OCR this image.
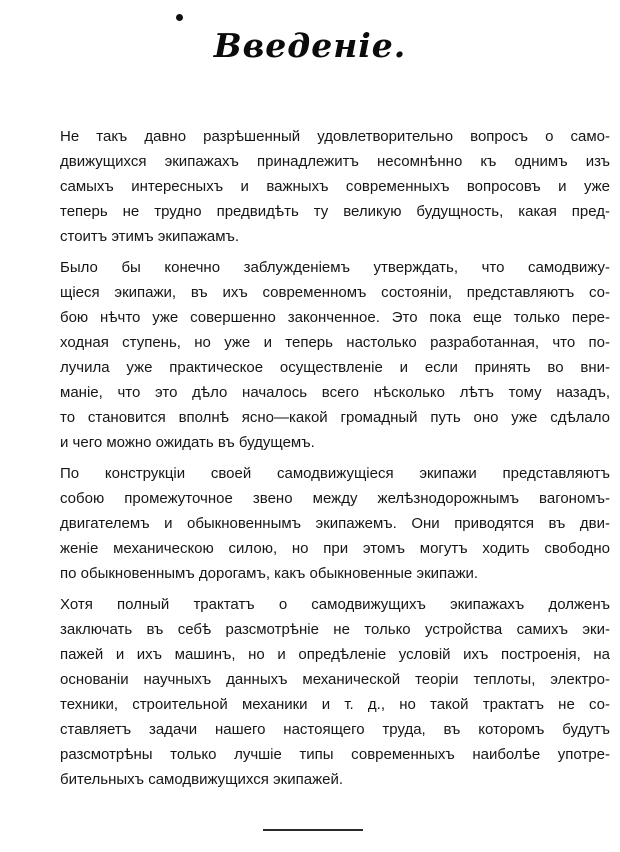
Введеніе.

Не такъ давно разрѣшенный удовлетворительно вопросъ о само-
движущихся экипажахъ принадлежитъ несомнѣнно къ однимъ изъ
самыхъ интересныхъ и важныхъ современныхъ вопросовъ и уже
теперь не трудно предвидѣть ту великую будущность, какая пред-
стоитъ этимъ экипажамъ.

Было бы конечно заблужденіемъ утверждать, что самодвижу-
щіеся экипажи, въ ихъ современномъ состояніи, представляютъ со-
бою нѣчто уже совершенно законченное. Это пока еще только пере-
ходная ступень, но уже и теперь настолько разработанная, что по-
лучила уже практическое осуществленіе и если принять во вни-
маніе, что это дѣло началось всего нѣсколько лѣтъ тому назадъ,
то становится вполнѣ ясно—какой громадный путь оно уже сдѣлало
и чего можно ожидать въ будущемъ.

По конструкціи своей самодвижущіеся экипажи представляютъ
собою промежуточное звено между желѣзнодорожнымъ вагономъ-
двигателемъ и обыкновеннымъ экипажемъ. Они приводятся въ дви-
женіе механическою силою, но при этомъ могутъ ходить свободно
по обыкновеннымъ дорогамъ, какъ обыкновенные экипажи.

Хотя полный трактатъ о самодвижущихъ экипажахъ долженъ
заключать въ себѣ разсмотрѣніе не только устройства самихъ эки-
пажей и ихъ машинъ, но и опредѣленіе условій ихъ построенія, на
основаніи научныхъ данныхъ механической теоріи теплоты, электро-
техники, строительной механики и т. д., но такой трактатъ не со-
ставляетъ задачи нашего настоящего труда, въ которомъ будутъ
разсмотрѣны только лучшіе типы современныхъ наиболѣе употре-
бительныхъ самодвижущихся экипажей.
